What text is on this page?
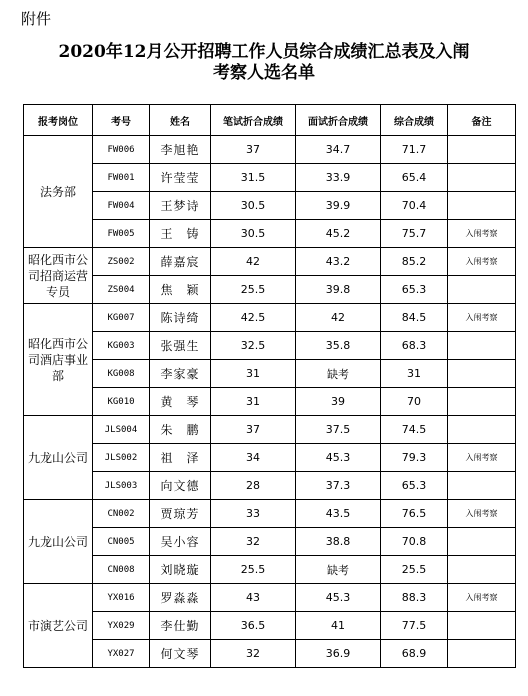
附件
2020年12月公开招聘工作人员综合成绩汇总表及入闱
考察人选名单
报考岗位	考号	姓名	笔试折合成绩	面试折合成绩	综合成绩	备注
法务部	FW006	李旭艳	37	34.7	71.7	
	FW001	许莹莹	31.5	33.9	65.4	
	FW004	王梦诗	30.5	39.9	70.4	
	FW005	王　铸	30.5	45.2	75.7	入闱考察
昭化西市公司招商运营专员	ZS002	薛嘉宸	42	43.2	85.2	入闱考察
	ZS004	焦　颖	25.5	39.8	65.3	
昭化西市公司酒店事业部	KG007	陈诗绮	42.5	42	84.5	入闱考察
	KG003	张强生	32.5	35.8	68.3	
	KG008	李家豪	31	缺考	31	
	KG010	黄　琴	31	39	70	
九龙山公司	JLS004	朱　鹏	37	37.5	74.5	
	JLS002	祖　泽	34	45.3	79.3	入闱考察
	JLS003	向文德	28	37.3	65.3	
九龙山公司	CN002	贾琼芳	33	43.5	76.5	入闱考察
	CN005	吴小容	32	38.8	70.8	
	CN008	刘晓璇	25.5	缺考	25.5	
市演艺公司	YX016	罗淼淼	43	45.3	88.3	入闱考察
	YX029	李仕勤	36.5	41	77.5	
	YX027	何文琴	32	36.9	68.9	
